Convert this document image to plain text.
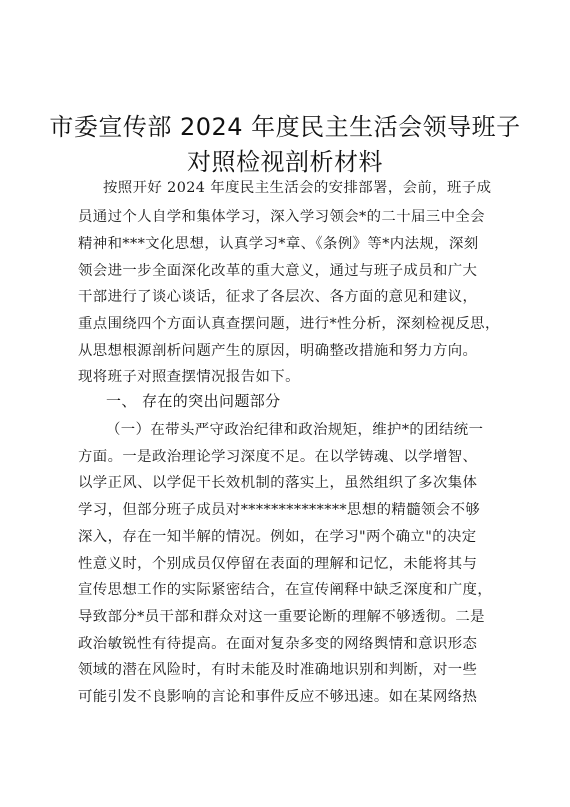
市委宣传部 2024 年度民主生活会领导班子
对照检视剖析材料
按照开好 2024 年度民主生活会的安排部署，会前，班子成
员通过个人自学和集体学习，深入学习领会*的二十届三中全会
精神和***文化思想，认真学习*章、《条例》等*内法规，深刻
领会进一步全面深化改革的重大意义，通过与班子成员和广大
干部进行了谈心谈话，征求了各层次、各方面的意见和建议，
重点围绕四个方面认真查摆问题，进行*性分析，深刻检视反思，
从思想根源剖析问题产生的原因，明确整改措施和努力方向。
现将班子对照查摆情况报告如下。
一、 存在的突出问题部分
（一）在带头严守政治纪律和政治规矩，维护*的团结统一
方面。一是政治理论学习深度不足。在以学铸魂、以学增智、
以学正风、以学促干长效机制的落实上，虽然组织了多次集体
学习，但部分班子成员对**************思想的精髓领会不够
深入，存在一知半解的情况。例如，在学习"两个确立"的决定
性意义时，个别成员仅停留在表面的理解和记忆，未能将其与
宣传思想工作的实际紧密结合，在宣传阐释中缺乏深度和广度，
导致部分*员干部和群众对这一重要论断的理解不够透彻。二是
政治敏锐性有待提高。在面对复杂多变的网络舆情和意识形态
领域的潜在风险时，有时未能及时准确地识别和判断，对一些
可能引发不良影响的言论和事件反应不够迅速。如在某网络热
